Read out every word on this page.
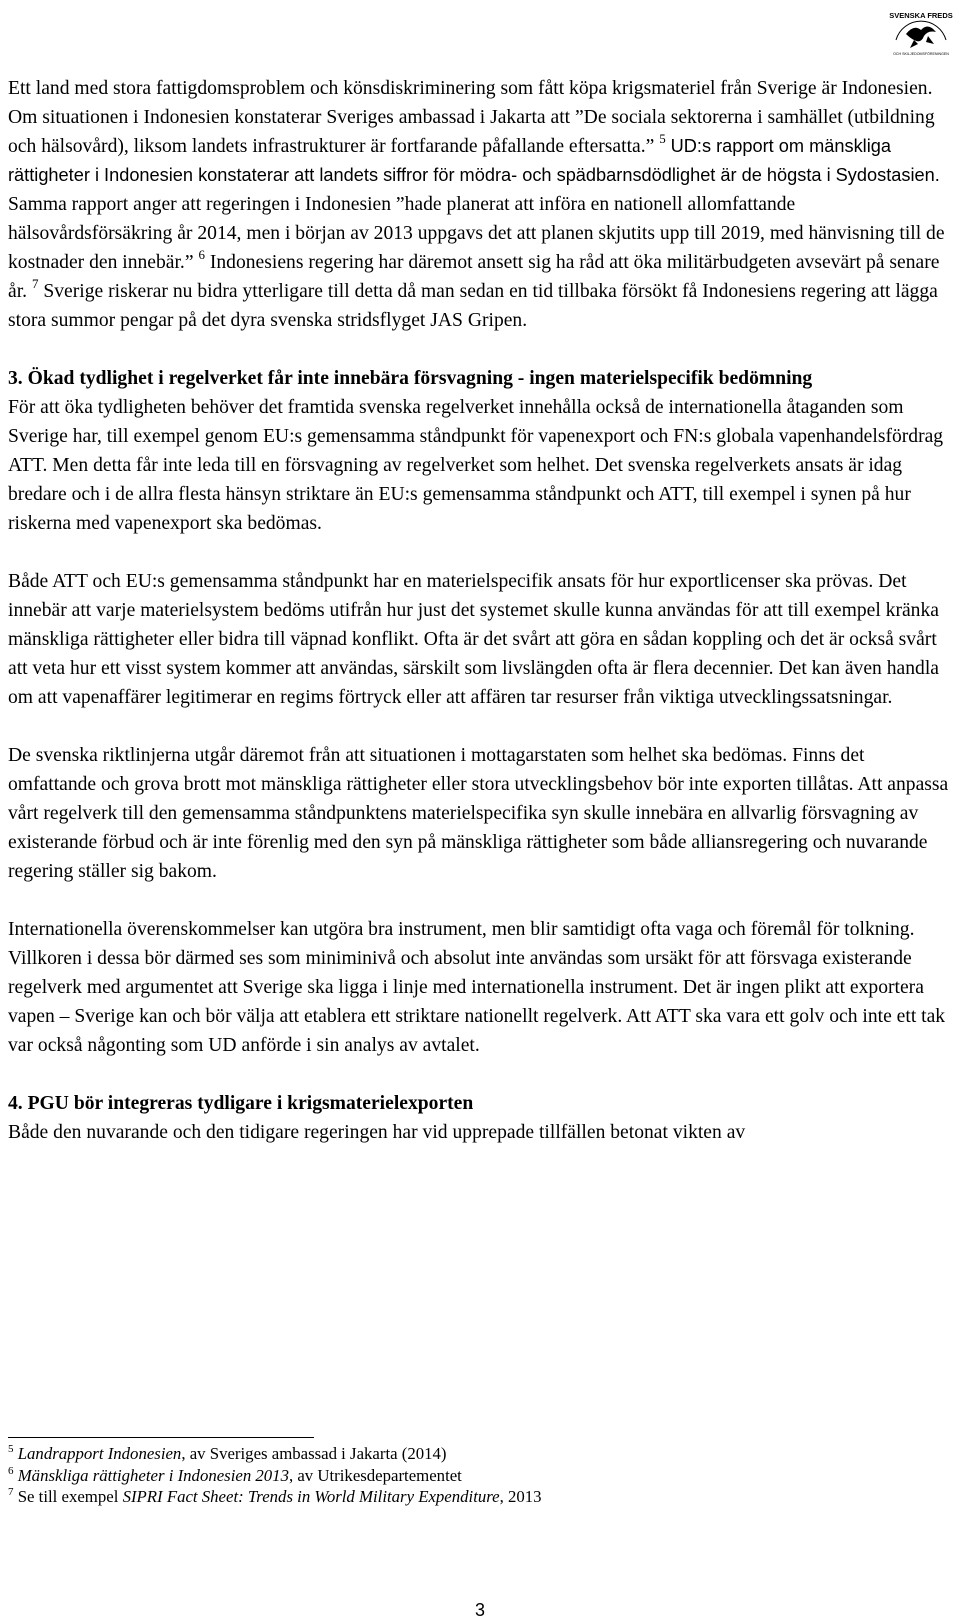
SVENSKA FREDS
OCH SKILJEDOMSFÖRENINGEN

Ett land med stora fattigdomsproblem och könsdiskriminering som fått köpa krigsmateriel från Sverige är Indonesien. Om situationen i Indonesien konstaterar Sveriges ambassad i Jakarta att ”De sociala sektorerna i samhället (utbildning och hälsovård), liksom landets infrastrukturer är fortfarande påfallande eftersatta.” $^5$ UD:s rapport om mänskliga rättigheter i Indonesien konstaterar att landets siffror för mödra- och spädbarnsdödlighet är de högsta i Sydostasien. Samma rapport anger att regeringen i Indonesien ”hade planerat att införa en nationell allomfattande hälsovårdsförsäkring år 2014, men i början av 2013 uppgavs det att planen skjutits upp till 2019, med hänvisning till de kostnader den innebär.” $^6$ Indonesiens regering har däremot ansett sig ha råd att öka militärbudgeten avsevärt på senare år. $^7$ Sverige riskerar nu bidra ytterligare till detta då man sedan en tid tillbaka försökt få Indonesiens regering att lägga stora summor pengar på det dyra svenska stridsflyget JAS Gripen.

3. Ökad tydlighet i regelverket får inte innebära försvagning - ingen materielspecifik bedömning

För att öka tydligheten behöver det framtida svenska regelverket innehålla också de internationella åtaganden som Sverige har, till exempel genom EU:s gemensamma ståndpunkt för vapenexport och FN:s globala vapenhandelsfördrag ATT. Men detta får inte leda till en försvagning av regelverket som helhet. Det svenska regelverkets ansats är idag bredare och i de allra flesta hänsyn striktare än EU:s gemensamma ståndpunkt och ATT, till exempel i synen på hur riskerna med vapenexport ska bedömas.

Både ATT och EU:s gemensamma ståndpunkt har en materielspecifik ansats för hur exportlicenser ska prövas. Det innebär att varje materielsystem bedöms utifrån hur just det systemet skulle kunna användas för att till exempel kränka mänskliga rättigheter eller bidra till väpnad konflikt. Ofta är det svårt att göra en sådan koppling och det är också svårt att veta hur ett visst system kommer att användas, särskilt som livslängden ofta är flera decennier. Det kan även handla om att vapenaffärer legitimerar en regims förtryck eller att affären tar resurser från viktiga utvecklingssatsningar.

De svenska riktlinjerna utgår däremot från att situationen i mottagarstaten som helhet ska bedömas. Finns det omfattande och grova brott mot mänskliga rättigheter eller stora utvecklingsbehov bör inte exporten tillåtas. Att anpassa vårt regelverk till den gemensamma ståndpunktens materielspecifika syn skulle innebära en allvarlig försvagning av existerande förbud och är inte förenlig med den syn på mänskliga rättigheter som både alliansregering och nuvarande regering ställer sig bakom.

Internationella överenskommelser kan utgöra bra instrument, men blir samtidigt ofta vaga och föremål för tolkning. Villkoren i dessa bör därmed ses som miniminivå och absolut inte användas som ursäkt för att försvaga existerande regelverk med argumentet att Sverige ska ligga i linje med internationella instrument. Det är ingen plikt att exportera vapen – Sverige kan och bör välja att etablera ett striktare nationellt regelverk. Att ATT ska vara ett golv och inte ett tak var också någonting som UD anförde i sin analys av avtalet.

4. PGU bör integreras tydligare i krigsmaterielexporten

Både den nuvarande och den tidigare regeringen har vid upprepade tillfällen betonat vikten av

$^5$ Landrapport Indonesien, av Sveriges ambassad i Jakarta (2014)
$^6$ Mänskliga rättigheter i Indonesien 2013, av Utrikesdepartementet
$^7$ Se till exempel SIPRI Fact Sheet: Trends in World Military Expenditure, 2013
3
